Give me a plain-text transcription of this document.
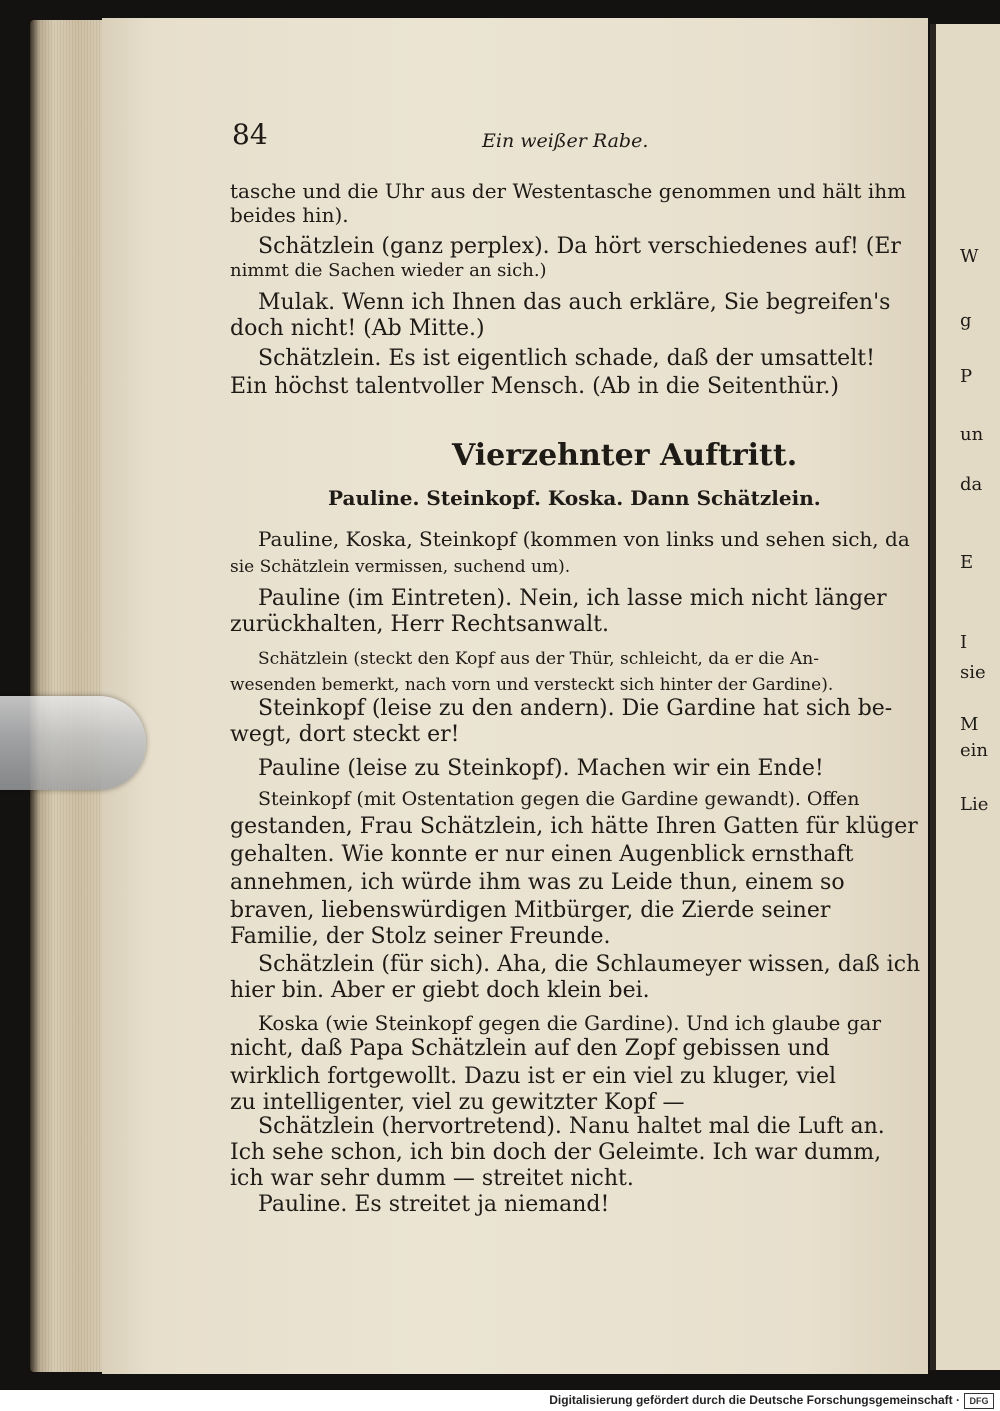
84	Ein weißer Rabe.
tasche und die Uhr aus der Westentasche genommen und hält ihm
beides hin).
Schätzlein (ganz perplex). Da hört verschiedenes auf! (Er
nimmt die Sachen wieder an sich.)
Mulak. Wenn ich Ihnen das auch erkläre, Sie begreifen's
doch nicht! (Ab Mitte.)
Schätzlein. Es ist eigentlich schade, daß der umsattelt!
Ein höchst talentvoller Mensch. (Ab in die Seitenthür.)
Vierzehnter Auftritt.
Pauline. Steinkopf. Koska. Dann Schätzlein.
Pauline, Koska, Steinkopf (kommen von links und sehen sich, da
sie Schätzlein vermissen, suchend um).
Pauline (im Eintreten). Nein, ich lasse mich nicht länger
zurückhalten, Herr Rechtsanwalt.
Schätzlein (steckt den Kopf aus der Thür, schleicht, da er die An-
wesenden bemerkt, nach vorn und versteckt sich hinter der Gardine).
Steinkopf (leise zu den andern). Die Gardine hat sich be-
wegt, dort steckt er!
Pauline (leise zu Steinkopf). Machen wir ein Ende!
Steinkopf (mit Ostentation gegen die Gardine gewandt). Offen
gestanden, Frau Schätzlein, ich hätte Ihren Gatten für klüger
gehalten. Wie konnte er nur einen Augenblick ernsthaft
annehmen, ich würde ihm was zu Leide thun, einem so
braven, liebenswürdigen Mitbürger, die Zierde seiner
Familie, der Stolz seiner Freunde.
Schätzlein (für sich). Aha, die Schlaumeyer wissen, daß ich
hier bin. Aber er giebt doch klein bei.
Koska (wie Steinkopf gegen die Gardine). Und ich glaube gar
nicht, daß Papa Schätzlein auf den Zopf gebissen und
wirklich fortgewollt. Dazu ist er ein viel zu kluger, viel
zu intelligenter, viel zu gewitzter Kopf —
Schätzlein (hervortretend). Nanu haltet mal die Luft an.
Ich sehe schon, ich bin doch der Geleimte. Ich war dumm,
ich war sehr dumm — streitet nicht.
Pauline. Es streitet ja niemand!
W
g
P
un
da
E
I
sie
M
ein
Lie
Digitalisierung gefördert durch die Deutsche Forschungsgemeinschaft ·	DFG
